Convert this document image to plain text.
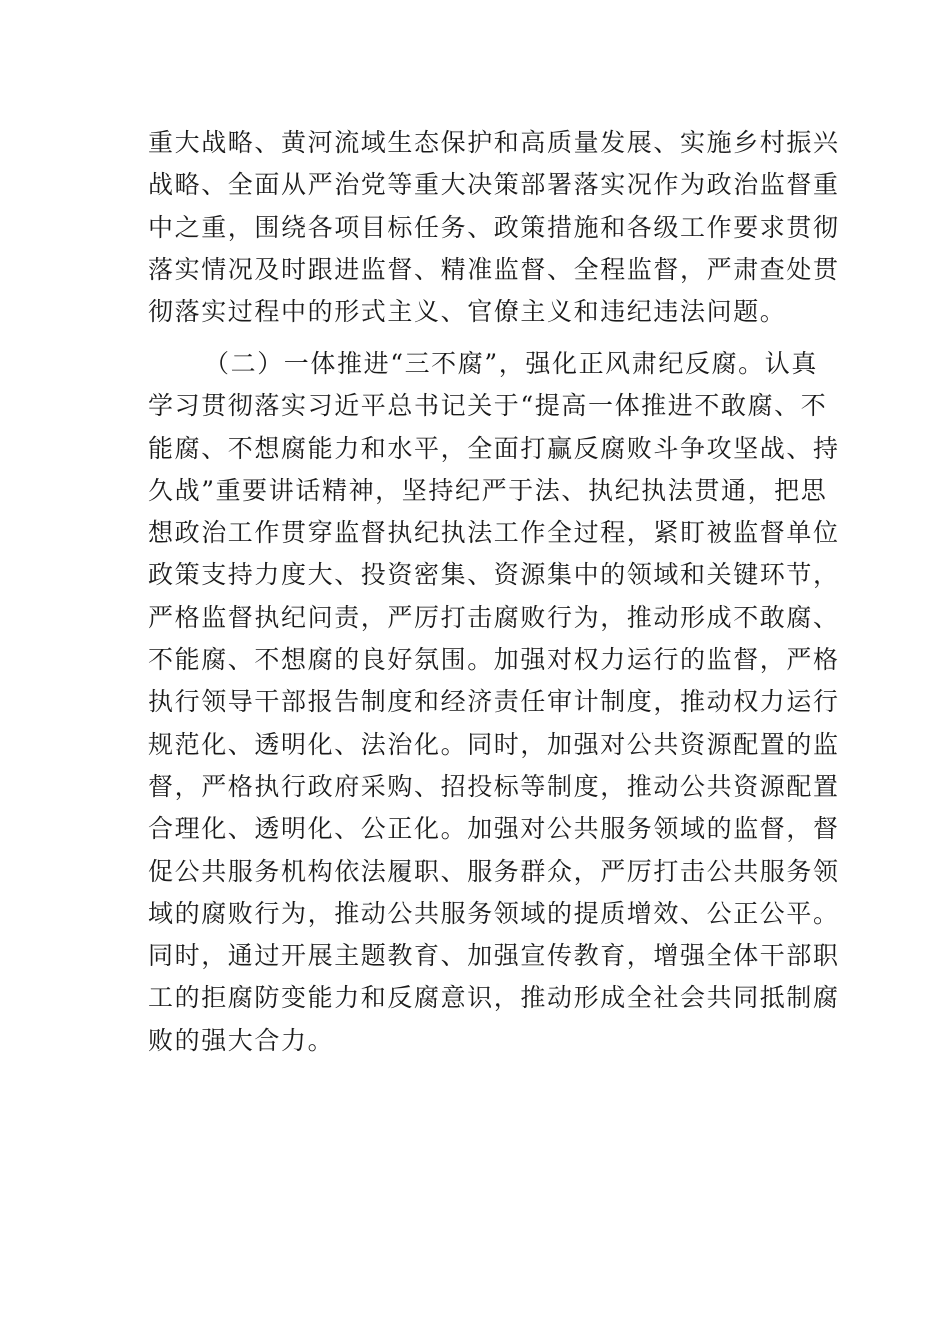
重大战略、黄河流域生态保护和高质量发展、实施乡村振兴
战略、全面从严治党等重大决策部署落实况作为政治监督重
中之重，围绕各项目标任务、政策措施和各级工作要求贯彻
落实情况及时跟进监督、精准监督、全程监督，严肃查处贯
彻落实过程中的形式主义、官僚主义和违纪违法问题。
（二）一体推进“三不腐”，强化正风肃纪反腐。认真
学习贯彻落实习近平总书记关于“提高一体推进不敢腐、不
能腐、不想腐能力和水平，全面打赢反腐败斗争攻坚战、持
久战”重要讲话精神，坚持纪严于法、执纪执法贯通，把思
想政治工作贯穿监督执纪执法工作全过程，紧盯被监督单位
政策支持力度大、投资密集、资源集中的领域和关键环节，
严格监督执纪问责，严厉打击腐败行为，推动形成不敢腐、
不能腐、不想腐的良好氛围。加强对权力运行的监督，严格
执行领导干部报告制度和经济责任审计制度，推动权力运行
规范化、透明化、法治化。同时，加强对公共资源配置的监
督，严格执行政府采购、招投标等制度，推动公共资源配置
合理化、透明化、公正化。加强对公共服务领域的监督，督
促公共服务机构依法履职、服务群众，严厉打击公共服务领
域的腐败行为，推动公共服务领域的提质增效、公正公平。
同时，通过开展主题教育、加强宣传教育，增强全体干部职
工的拒腐防变能力和反腐意识，推动形成全社会共同抵制腐
败的强大合力。
